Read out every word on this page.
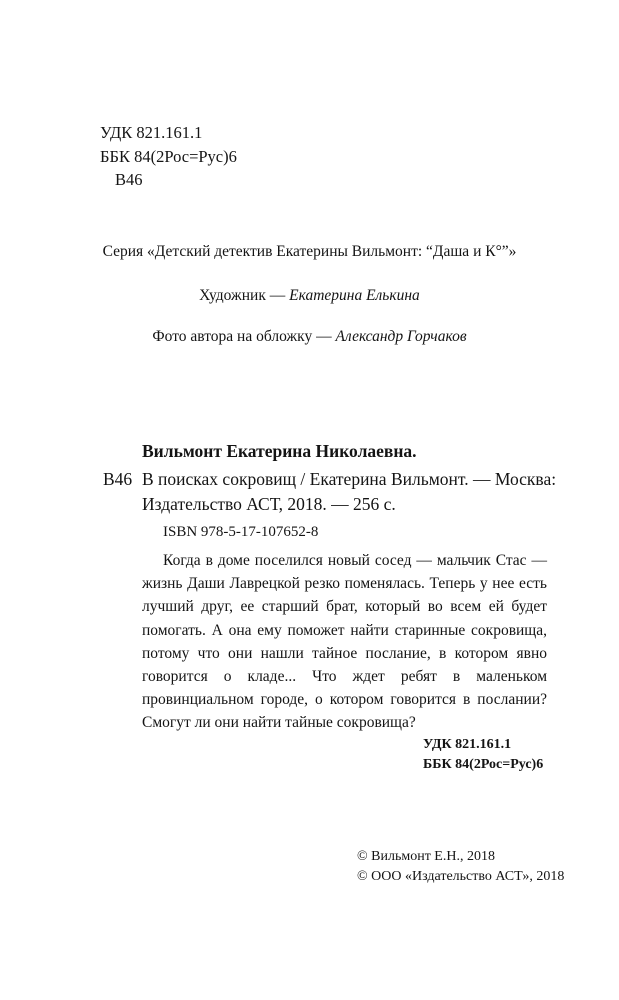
УДК 821.161.1
ББК 84(2Рос=Рус)6
В46
Серия «Детский детектив Екатерины Вильмонт: “Даша и К°”»
Художник — Екатерина Елькина
Фото автора на обложку — Александр Горчаков
Вильмонт Екатерина Николаевна.
В46 В поисках сокровищ / Екатерина Вильмонт. — Москва: Издательство АСТ, 2018. — 256 с.
ISBN 978-5-17-107652-8
Когда в доме поселился новый сосед — мальчик Стас — жизнь Даши Лаврецкой резко поменялась. Теперь у нее есть лучший друг, ее старший брат, который во всем ей будет помогать. А она ему поможет найти старинные сокровища, потому что они нашли тайное послание, в котором явно говорится о кладе... Что ждет ребят в маленьком провинциальном городе, о котором говорится в послании? Смогут ли они найти тайные сокровища?
УДК 821.161.1
ББК 84(2Рос=Рус)6
© Вильмонт Е.Н., 2018
© ООО «Издательство АСТ», 2018
